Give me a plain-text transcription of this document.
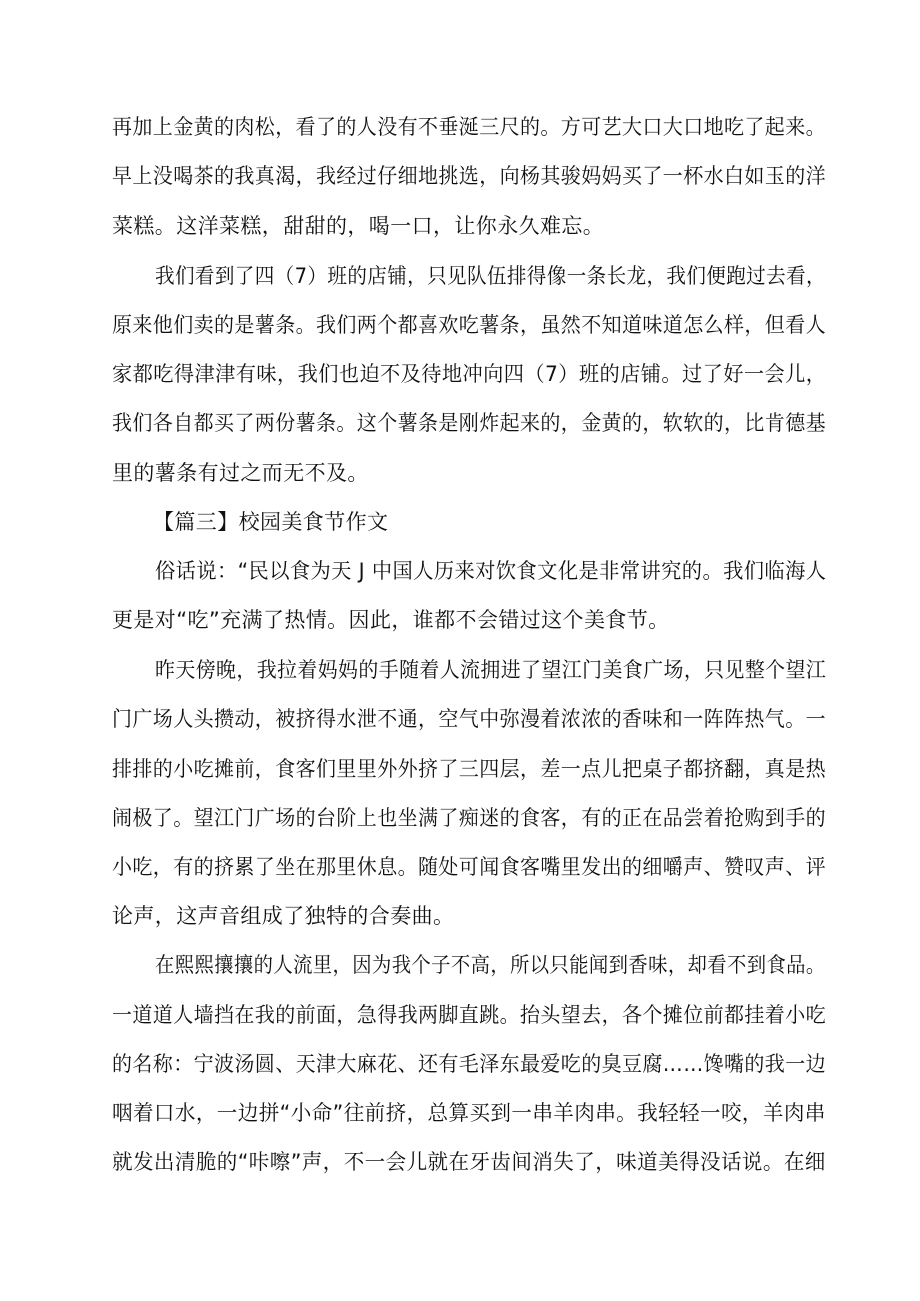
再加上金黄的肉松，看了的人没有不垂涎三尺的。方可艺大口大口地吃了起来。
早上没喝茶的我真渴，我经过仔细地挑选，向杨其骏妈妈买了一杯水白如玉的洋
菜糕。这洋菜糕，甜甜的，喝一口，让你永久难忘。
我们看到了四（7）班的店铺，只见队伍排得像一条长龙，我们便跑过去看，
原来他们卖的是薯条。我们两个都喜欢吃薯条，虽然不知道味道怎么样，但看人
家都吃得津津有味，我们也迫不及待地冲向四（7）班的店铺。过了好一会儿，
我们各自都买了两份薯条。这个薯条是刚炸起来的，金黄的，软软的，比肯德基
里的薯条有过之而无不及。
【篇三】校园美食节作文
俗话说：“民以食为天 J 中国人历来对饮食文化是非常讲究的。我们临海人
更是对“吃”充满了热情。因此，谁都不会错过这个美食节。
昨天傍晚，我拉着妈妈的手随着人流拥进了望江门美食广场，只见整个望江
门广场人头攒动，被挤得水泄不通，空气中弥漫着浓浓的香味和一阵阵热气。一
排排的小吃摊前，食客们里里外外挤了三四层，差一点儿把桌子都挤翻，真是热
闹极了。望江门广场的台阶上也坐满了痴迷的食客，有的正在品尝着抢购到手的
小吃，有的挤累了坐在那里休息。随处可闻食客嘴里发出的细嚼声、赞叹声、评
论声，这声音组成了独特的合奏曲。
在熙熙攘攘的人流里，因为我个子不高，所以只能闻到香味，却看不到食品。
一道道人墙挡在我的前面，急得我两脚直跳。抬头望去，各个摊位前都挂着小吃
的名称：宁波汤圆、天津大麻花、还有毛泽东最爱吃的臭豆腐……馋嘴的我一边
咽着口水，一边拼“小命”往前挤，总算买到一串羊肉串。我轻轻一咬，羊肉串
就发出清脆的“咔嚓”声，不一会儿就在牙齿间消失了，味道美得没话说。在细
